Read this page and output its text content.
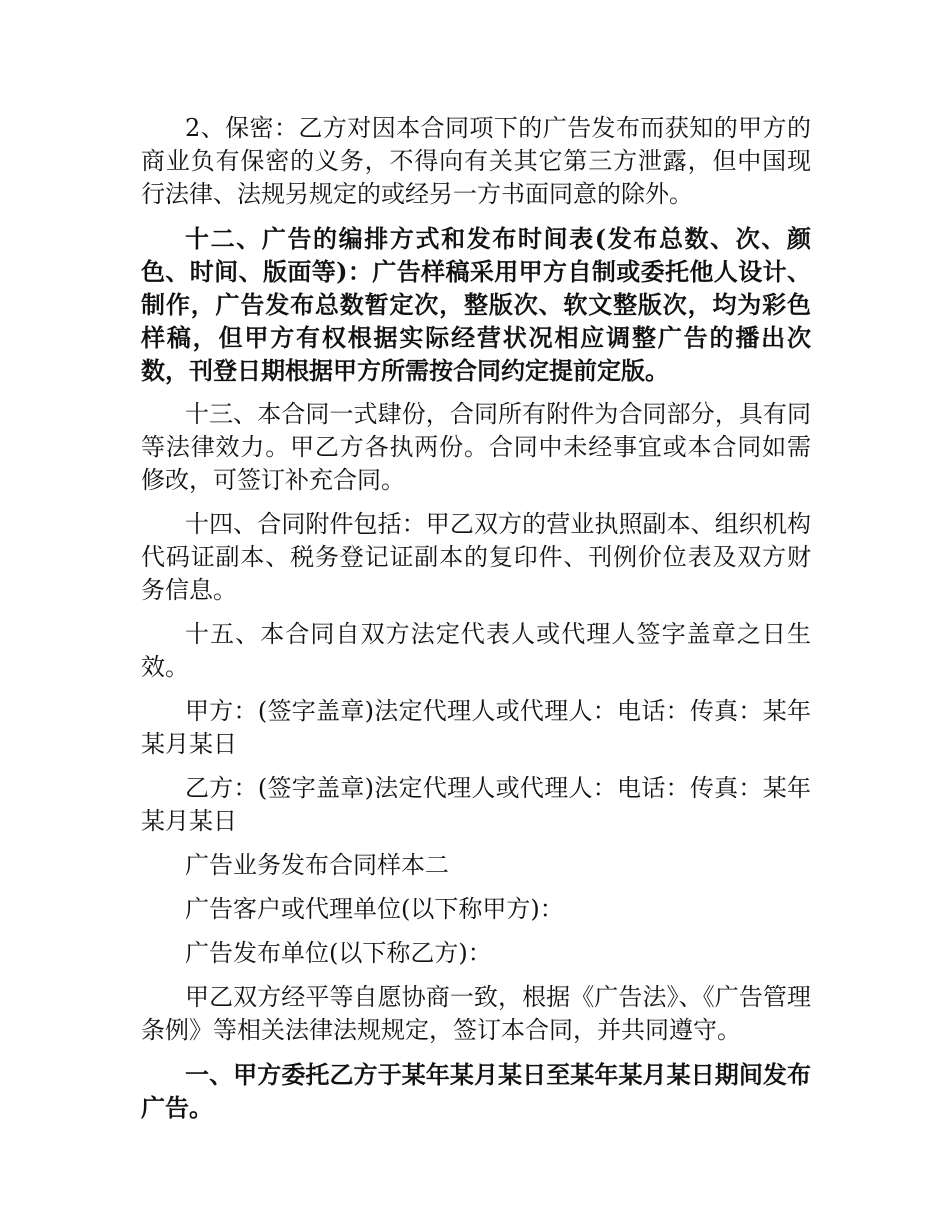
2、保密：乙方对因本合同项下的广告发布而获知的甲方的商业负有保密的义务，不得向有关其它第三方泄露，但中国现行法律、法规另规定的或经另一方书面同意的除外。

十二、广告的编排方式和发布时间表(发布总数、次、颜色、时间、版面等)：广告样稿采用甲方自制或委托他人设计、制作，广告发布总数暂定次，整版次、软文整版次，均为彩色样稿，但甲方有权根据实际经营状况相应调整广告的播出次数，刊登日期根据甲方所需按合同约定提前定版。

十三、本合同一式肆份，合同所有附件为合同部分，具有同等法律效力。甲乙方各执两份。合同中未经事宜或本合同如需修改，可签订补充合同。

十四、合同附件包括：甲乙双方的营业执照副本、组织机构代码证副本、税务登记证副本的复印件、刊例价位表及双方财务信息。

十五、本合同自双方法定代表人或代理人签字盖章之日生效。

甲方：(签字盖章)法定代理人或代理人：电话：传真：某年某月某日

乙方：(签字盖章)法定代理人或代理人：电话：传真：某年某月某日

广告业务发布合同样本二

广告客户或代理单位(以下称甲方)：

广告发布单位(以下称乙方)：

甲乙双方经平等自愿协商一致，根据《广告法》、《广告管理条例》等相关法律法规规定，签订本合同，并共同遵守。

一、甲方委托乙方于某年某月某日至某年某月某日期间发布广告。
